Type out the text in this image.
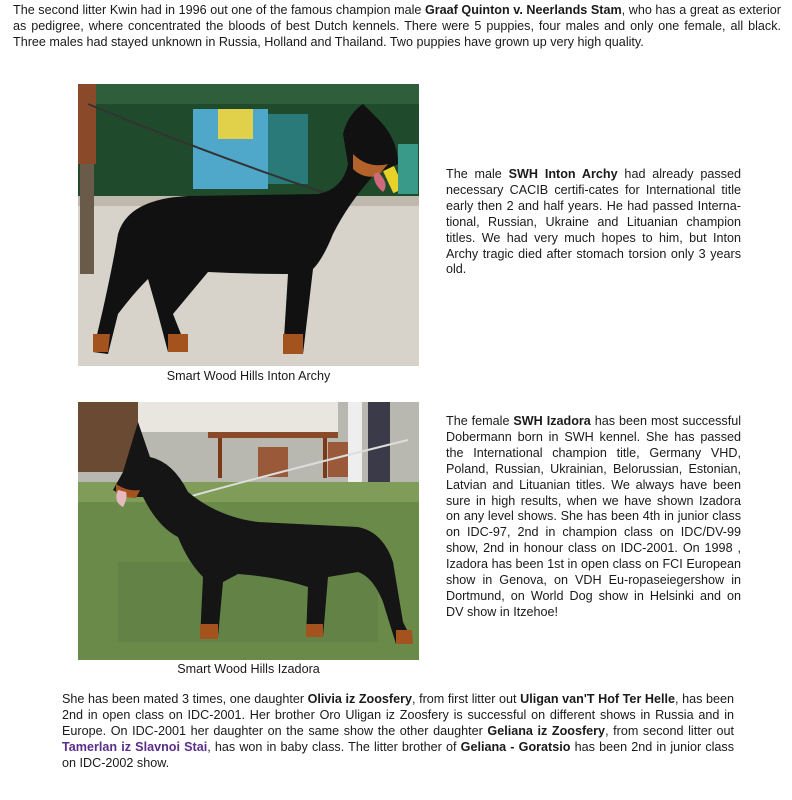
The second litter Kwin had in 1996 out one of the famous champion male Graaf Quinton v. Neerlands Stam, who has a great as exterior as pedigree, where concentrated the bloods of best Dutch kennels. There were 5 puppies, four males and only one female, all black. Three males had stayed unknown in Russia, Holland and Thailand. Two puppies have grown up very high quality.

Smart Wood Hills Inton Archy

The male SWH Inton Archy had already passed necessary CACIB certifi-cates for International title early then 2 and half years. He had passed Interna-tional, Russian, Ukraine and Lituanian champion titles. We had very much hopes to him, but Inton Archy tragic died after stomach torsion only 3 years old.

Smart Wood Hills Izadora

The female SWH Izadora has been most successful Dobermann born in SWH kennel. She has passed the International champion title, Germany VHD, Poland, Russian, Ukrainian, Belorussian, Estonian, Latvian and Lituanian titles. We always have been sure in high results, when we have shown Izadora on any level shows. She has been 4th in junior class on IDC-97, 2nd in champion class on IDC/DV-99 show, 2nd in honour class on IDC-2001. On 1998 , Izadora has been 1st in open class on FCI European show in Genova, on VDH Eu-ropaseiegershow in Dortmund, on World Dog show in Helsinki and on DV show in Itzehoe!

She has been mated 3 times, one daughter Olivia iz Zoosfery, from first litter out Uligan van'T Hof Ter Helle, has been 2nd in open class on IDC-2001. Her brother Oro Uligan iz Zoosfery is successful on different shows in Russia and in Europe. On IDC-2001 her daughter on the same show the other daughter Geliana iz Zoosfery, from second litter out Tamerlan iz Slavnoi Stai, has won in baby class. The litter brother of Geliana - Goratsio has been 2nd in junior class on IDC-2002 show.
